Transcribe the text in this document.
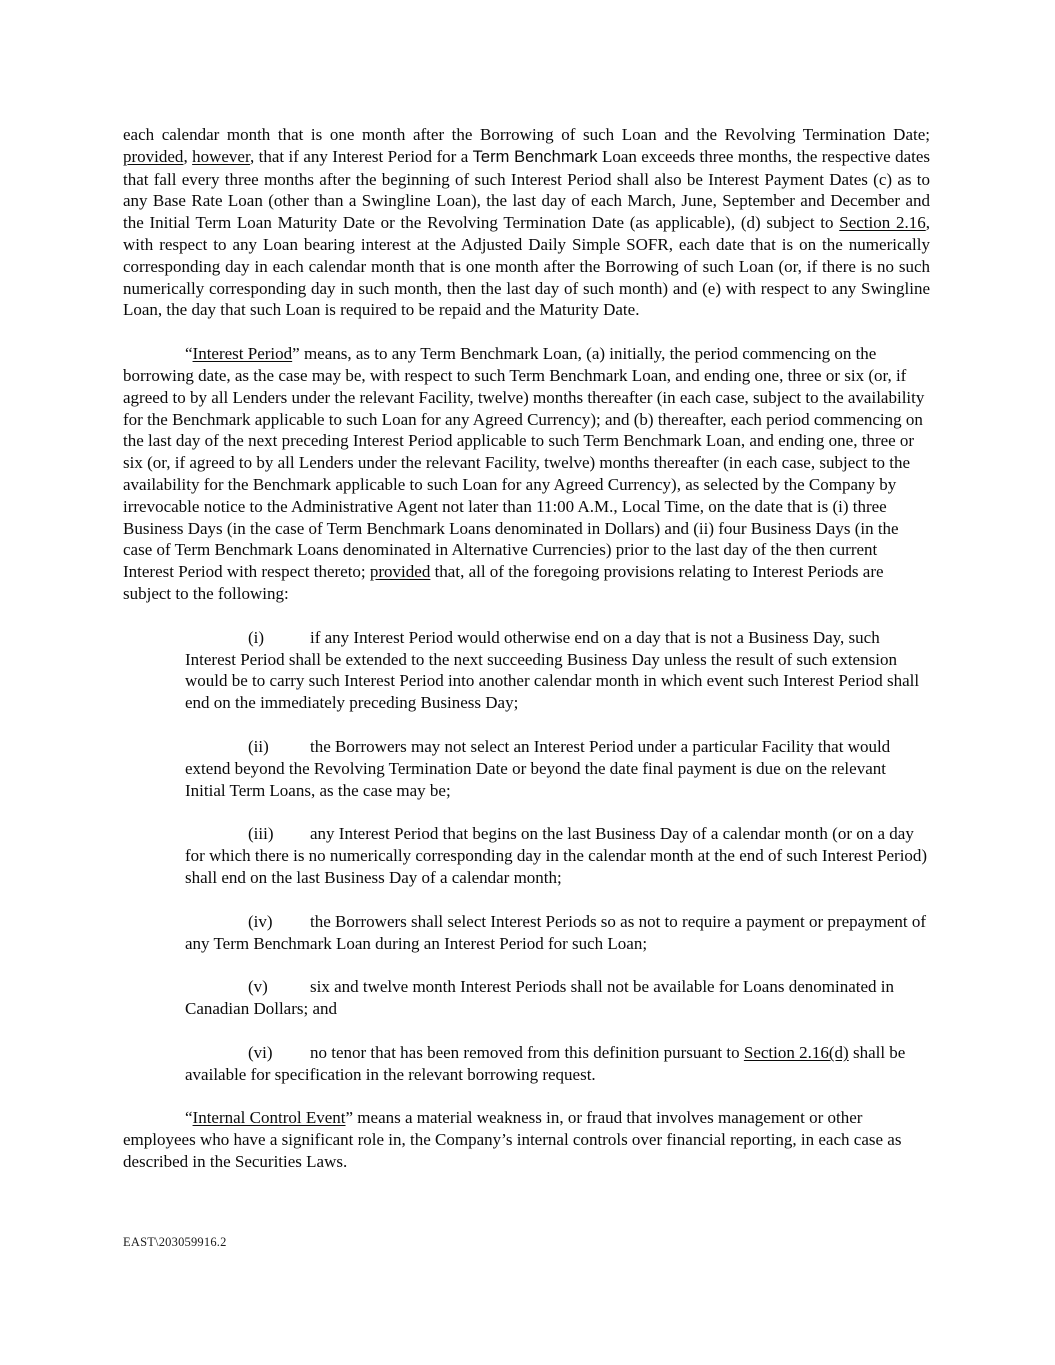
each calendar month that is one month after the Borrowing of such Loan and the Revolving Termination Date; provided, however, that if any Interest Period for a Term Benchmark Loan exceeds three months, the respective dates that fall every three months after the beginning of such Interest Period shall also be Interest Payment Dates (c) as to any Base Rate Loan (other than a Swingline Loan), the last day of each March, June, September and December and the Initial Term Loan Maturity Date or the Revolving Termination Date (as applicable), (d) subject to Section 2.16, with respect to any Loan bearing interest at the Adjusted Daily Simple SOFR, each date that is on the numerically corresponding day in each calendar month that is one month after the Borrowing of such Loan (or, if there is no such numerically corresponding day in such month, then the last day of such month) and (e) with respect to any Swingline Loan, the day that such Loan is required to be repaid and the Maturity Date.

“Interest Period” means, as to any Term Benchmark Loan, (a) initially, the period commencing on the borrowing date, as the case may be, with respect to such Term Benchmark Loan, and ending one, three or six (or, if agreed to by all Lenders under the relevant Facility, twelve) months thereafter (in each case, subject to the availability for the Benchmark applicable to such Loan for any Agreed Currency); and (b) thereafter, each period commencing on the last day of the next preceding Interest Period applicable to such Term Benchmark Loan, and ending one, three or six (or, if agreed to by all Lenders under the relevant Facility, twelve) months thereafter (in each case, subject to the availability for the Benchmark applicable to such Loan for any Agreed Currency), as selected by the Company by irrevocable notice to the Administrative Agent not later than 11:00 A.M., Local Time, on the date that is (i) three Business Days (in the case of Term Benchmark Loans denominated in Dollars) and (ii) four Business Days (in the case of Term Benchmark Loans denominated in Alternative Currencies) prior to the last day of the then current Interest Period with respect thereto; provided that, all of the foregoing provisions relating to Interest Periods are subject to the following:

(i)	if any Interest Period would otherwise end on a day that is not a Business Day, such Interest Period shall be extended to the next succeeding Business Day unless the result of such extension would be to carry such Interest Period into another calendar month in which event such Interest Period shall end on the immediately preceding Business Day;

(ii) the Borrowers may not select an Interest Period under a particular Facility that would extend beyond the Revolving Termination Date or beyond the date final payment is due on the relevant Initial Term Loans, as the case may be;

(iii) any Interest Period that begins on the last Business Day of a calendar month (or on a day for which there is no numerically corresponding day in the calendar month at the end of such Interest Period) shall end on the last Business Day of a calendar month;

(iv) the Borrowers shall select Interest Periods so as not to require a payment or prepayment of any Term Benchmark Loan during an Interest Period for such Loan;

(v) six and twelve month Interest Periods shall not be available for Loans denominated in Canadian Dollars; and

(vi) no tenor that has been removed from this definition pursuant to Section 2.16(d) shall be available for specification in the relevant borrowing request.

“Internal Control Event” means a material weakness in, or fraud that involves management or other employees who have a significant role in, the Company’s internal controls over financial reporting, in each case as described in the Securities Laws.

EAST\203059916.2
